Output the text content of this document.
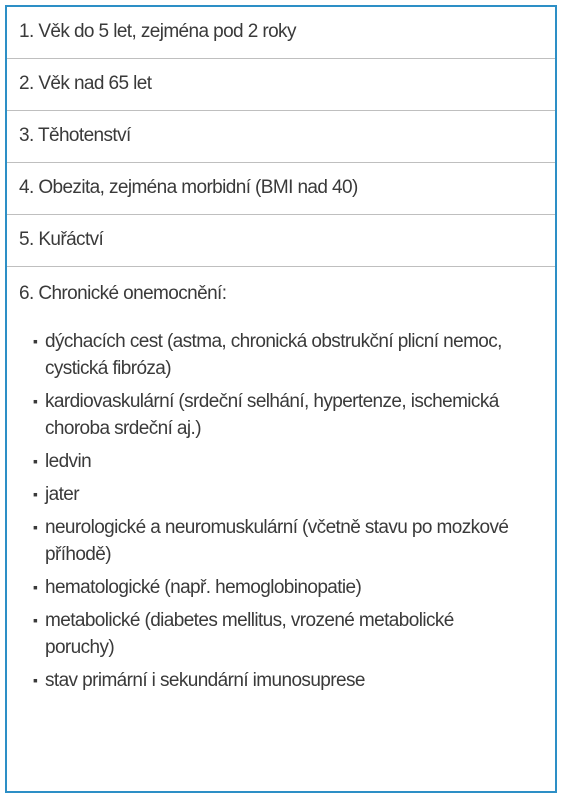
1. Věk do 5 let, zejména pod 2 roky
2. Věk nad 65 let
3. Těhotenství
4. Obezita, zejména morbidní (BMI nad 40)
5. Kuřáctví
6. Chronické onemocnění:
▪ dýchacích cest (astma, chronická obstrukční plicní nemoc, cystická fibróza)
▪ kardiovaskulární (srdeční selhání, hypertenze, ischemická choroba srdeční aj.)
▪ ledvin
▪ jater
▪ neurologické a neuromuskulární (včetně stavu po mozkové příhodě)
▪ hematologické (např. hemoglobinopatie)
▪ metabolické (diabetes mellitus, vrozené metabolické poruchy)
▪ stav primární i sekundární imunosuprese
